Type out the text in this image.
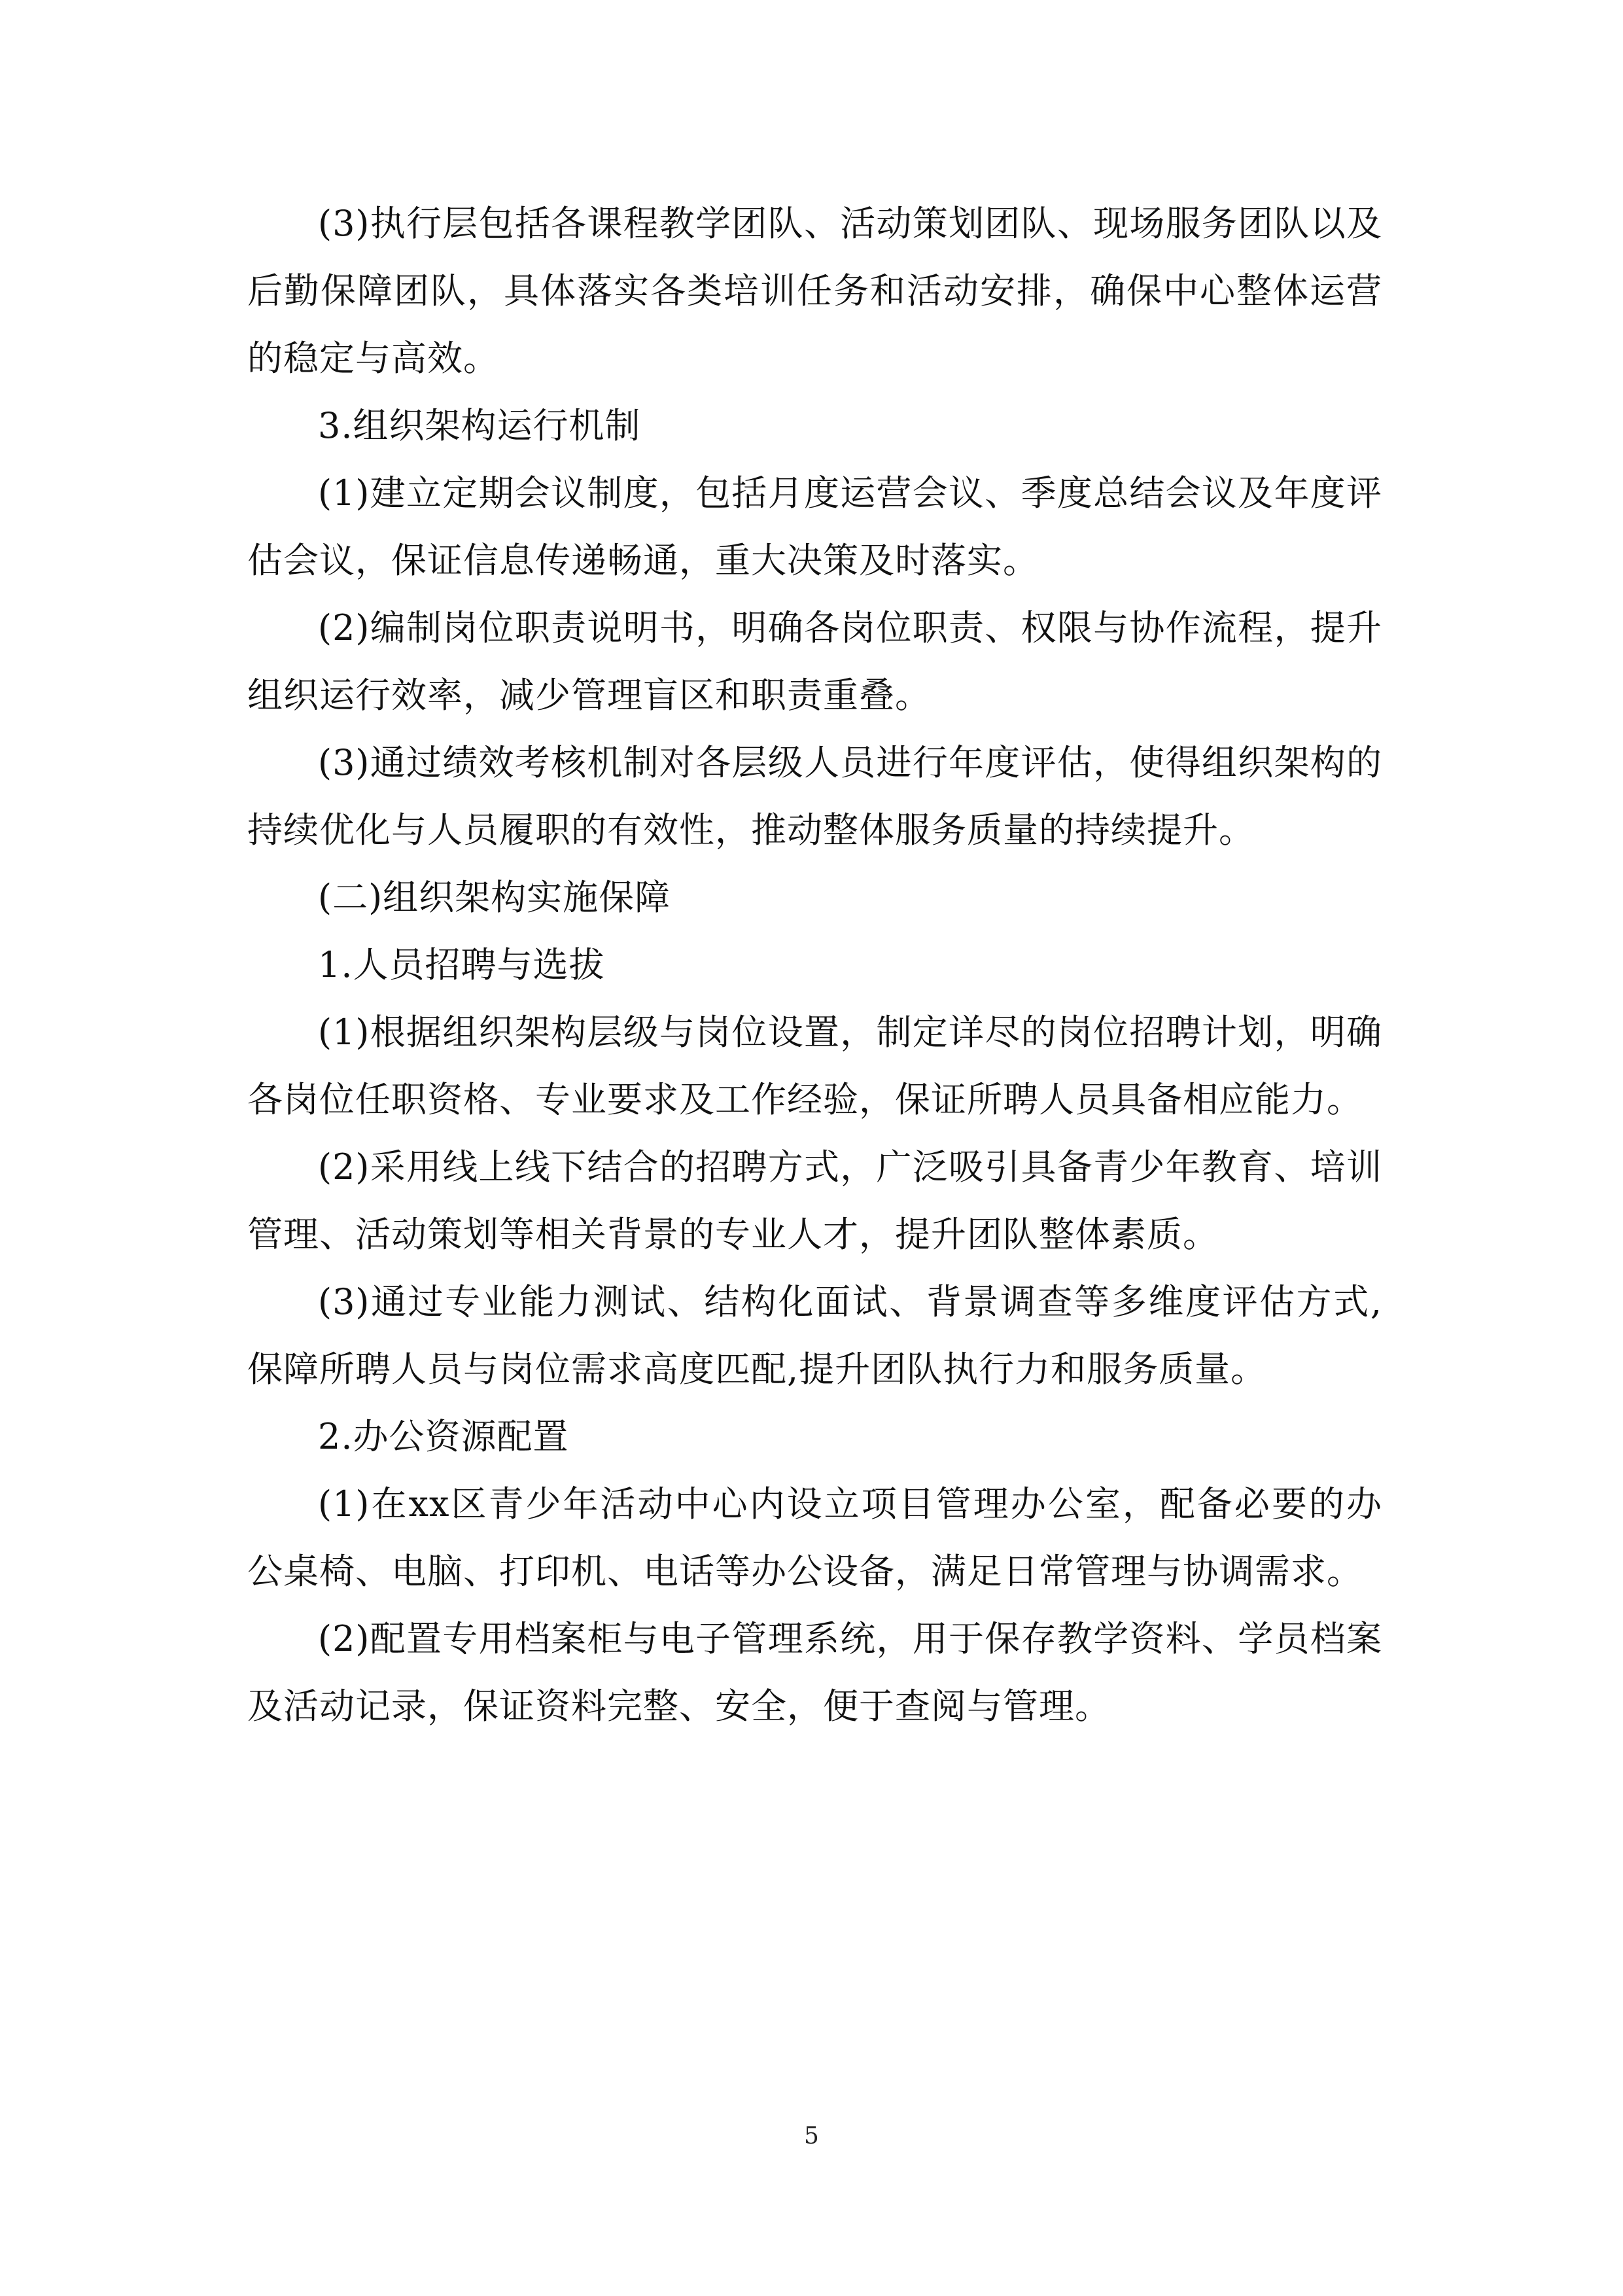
(3)执行层包括各课程教学团队、活动策划团队、现场服务团队以及后勤保障团队，具体落实各类培训任务和活动安排，确保中心整体运营的稳定与高效。

3.组织架构运行机制

(1)建立定期会议制度，包括月度运营会议、季度总结会议及年度评估会议，保证信息传递畅通，重大决策及时落实。

(2)编制岗位职责说明书，明确各岗位职责、权限与协作流程，提升组织运行效率，减少管理盲区和职责重叠。

(3)通过绩效考核机制对各层级人员进行年度评估，使得组织架构的持续优化与人员履职的有效性，推动整体服务质量的持续提升。

(二)组织架构实施保障

1.人员招聘与选拔

(1)根据组织架构层级与岗位设置，制定详尽的岗位招聘计划，明确各岗位任职资格、专业要求及工作经验，保证所聘人员具备相应能力。

(2)采用线上线下结合的招聘方式，广泛吸引具备青少年教育、培训管理、活动策划等相关背景的专业人才，提升团队整体素质。

(3)通过专业能力测试、结构化面试、背景调查等多维度评估方式,保障所聘人员与岗位需求高度匹配,提升团队执行力和服务质量。

2.办公资源配置

(1)在xx区青少年活动中心内设立项目管理办公室，配备必要的办公桌椅、电脑、打印机、电话等办公设备，满足日常管理与协调需求。

(2)配置专用档案柜与电子管理系统，用于保存教学资料、学员档案及活动记录，保证资料完整、安全，便于查阅与管理。

5
